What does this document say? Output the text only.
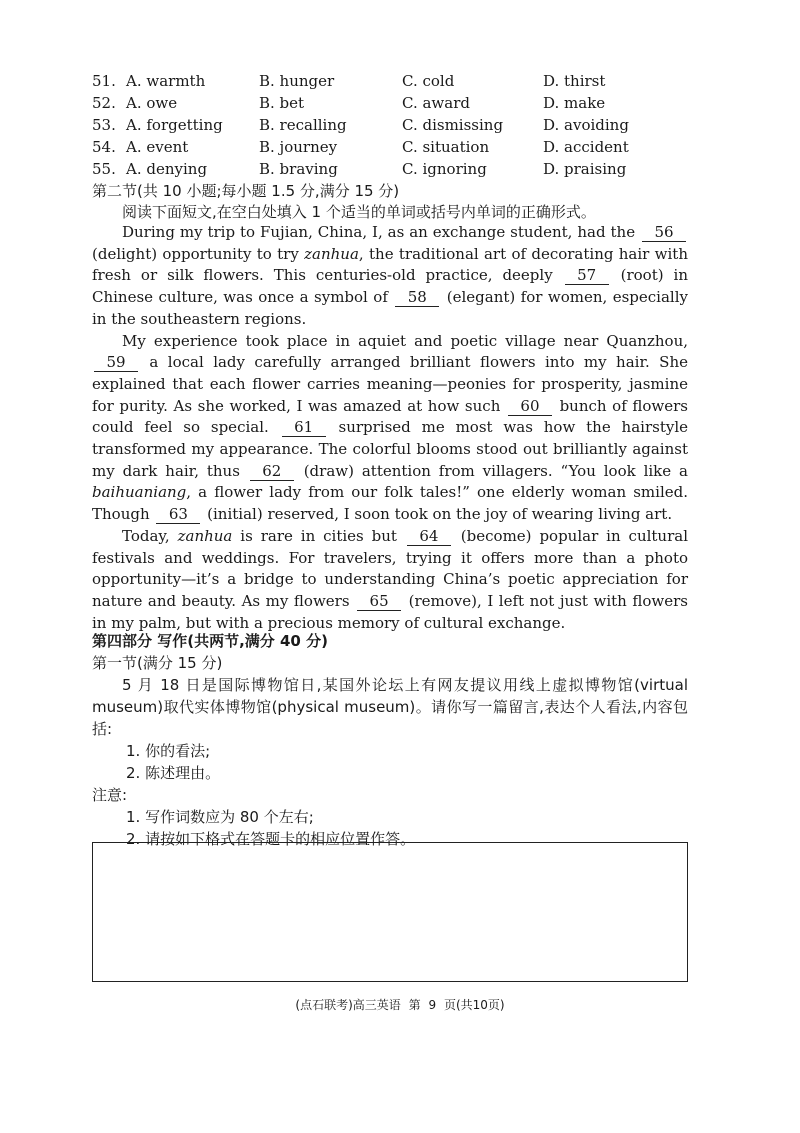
51. A. warmth	B. hunger	C. cold	D. thirst
52. A. owe	B. bet	C. award	D. make
53. A. forgetting B. recalling	C. dismissing	D. avoiding
54. A. event	B. journey	C. situation	D. accident
55. A. denying	B. braving	C. ignoring	D. praising
第二节(共 10 小题;每小题 1.5 分,满分 15 分)
阅读下面短文,在空白处填入 1 个适当的单词或括号内单词的正确形式。

During my trip to Fujian, China, I, as an exchange student, had the 56 (delight) opportunity to try zanhua, the traditional art of decorating hair with fresh or silk flowers. This centuries-old practice, deeply 57 (root) in Chinese culture, was once a symbol of 58 (elegant) for women, especially in the southeastern regions.

My experience took place in aquiet and poetic village near Quanzhou, 59 a local lady carefully arranged brilliant flowers into my hair. She explained that each flower carries meaning—peonies for prosperity, jasmine for purity. As she worked, I was amazed at how such 60 bunch of flowers could feel so special. 61 surprised me most was how the hairstyle transformed my appearance. The colorful blooms stood out brilliantly against my dark hair, thus 62 (draw) attention from villagers. “You look like a baihuaniang, a flower lady from our folk tales!” one elderly woman smiled. Though 63 (initial) reserved, I soon took on the joy of wearing living art.

Today, zanhua is rare in cities but 64 (become) popular in cultural festivals and weddings. For travelers, trying it offers more than a photo opportunity—it’s a bridge to understanding China’s poetic appreciation for nature and beauty. As my flowers 65 (remove), I left not just with flowers in my palm, but with a precious memory of cultural exchange.

第四部分 写作(共两节,满分 40 分)
第一节(满分 15 分)
5 月 18 日是国际博物馆日,某国外论坛上有网友提议用线上虚拟博物馆(virtual museum)取代实体博物馆(physical museum)。请你写一篇留言,表达个人看法,内容包括:
1. 你的看法;
2. 陈述理由。
注意:
1. 写作词数应为 80 个左右;
2. 请按如下格式在答题卡的相应位置作答。
(点石联考)高三英语 第 9 页(共10页)
